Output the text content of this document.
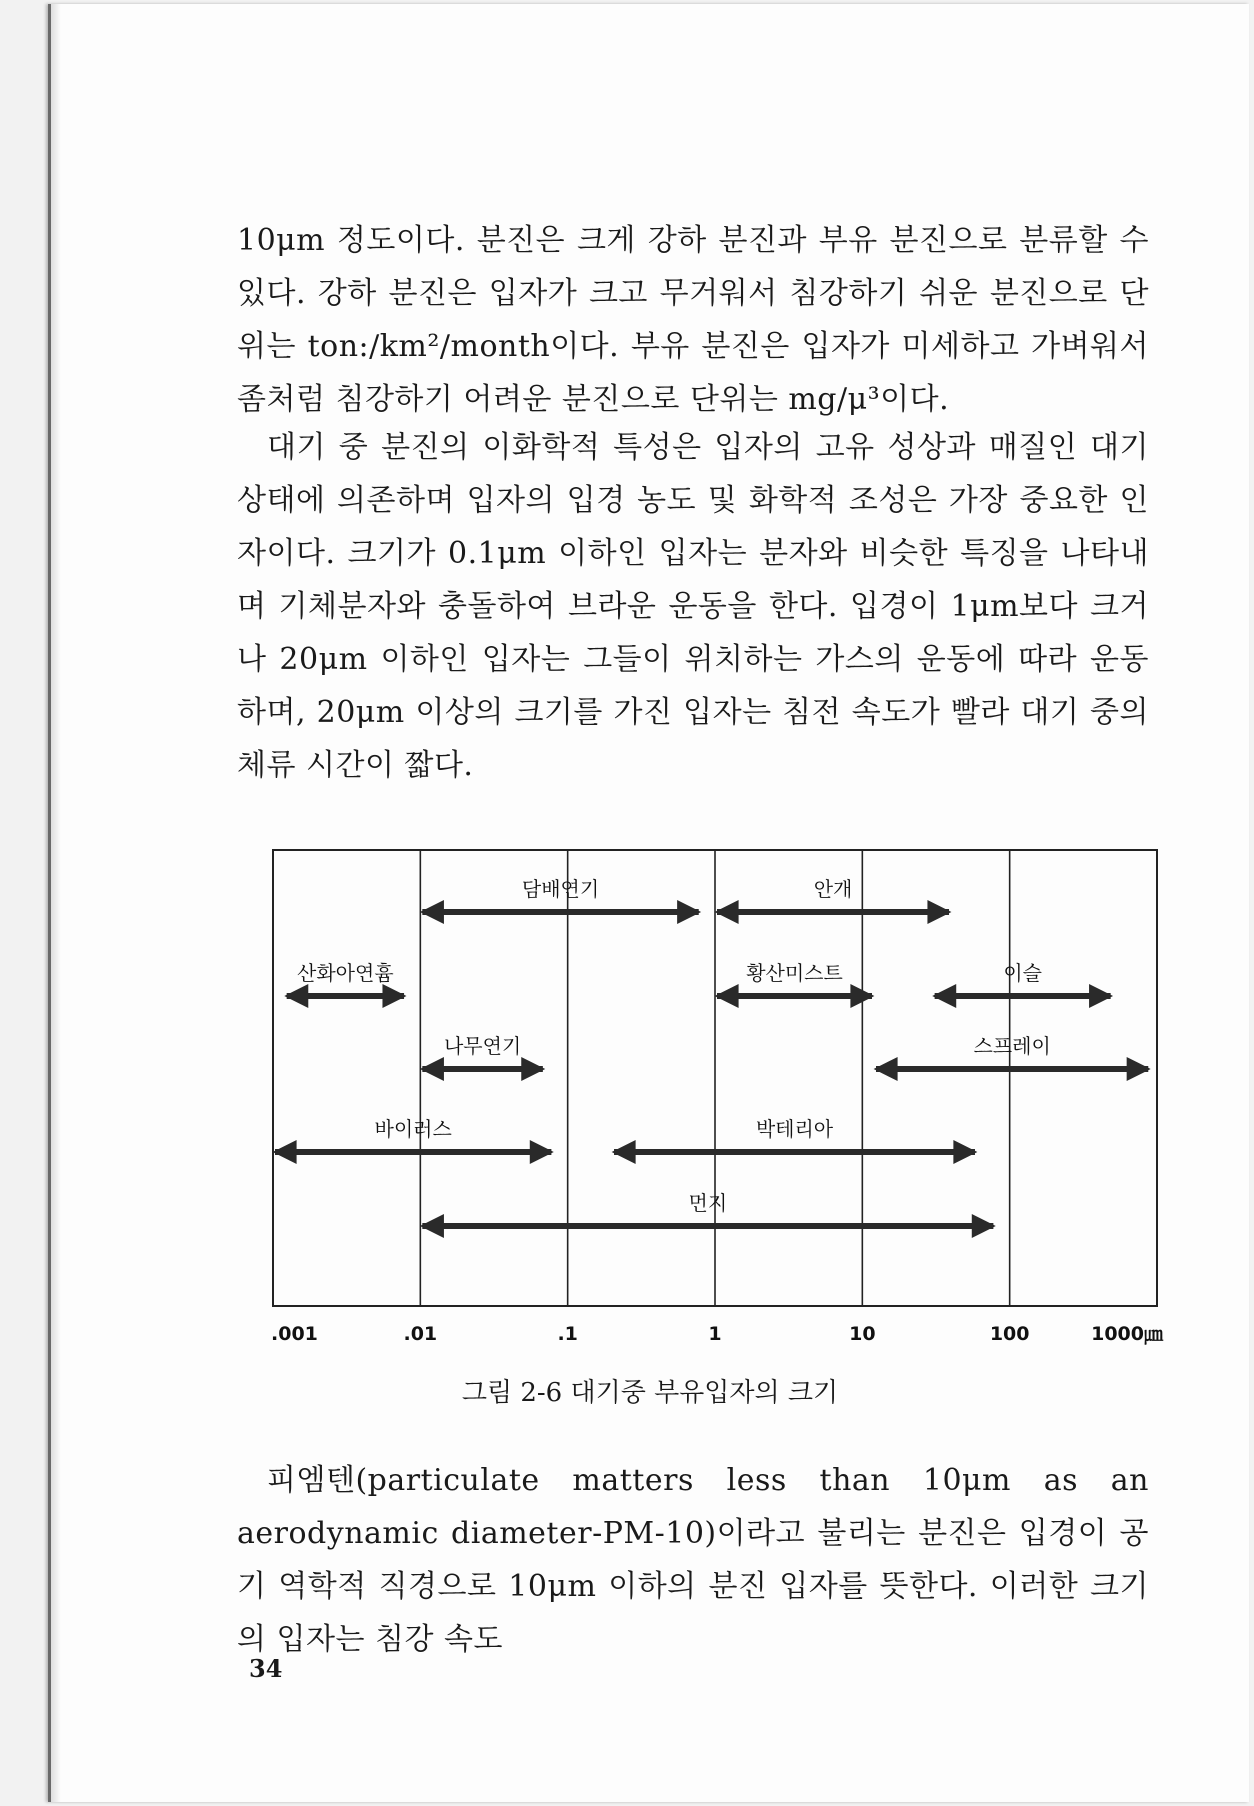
10μm 정도이다. 분진은 크게 강하 분진과 부유 분진으로 분류할 수 있다. 강하 분진은 입자가 크고 무거워서 침강하기 쉬운 분진으로 단위는 ton:/km²/month이다. 부유 분진은 입자가 미세하고 가벼워서 좀처럼 침강하기 어려운 분진으로 단위는 mg/μ³이다.

대기 중 분진의 이화학적 특성은 입자의 고유 성상과 매질인 대기 상태에 의존하며 입자의 입경 농도 및 화학적 조성은 가장 중요한 인자이다. 크기가 0.1μm 이하인 입자는 분자와 비슷한 특징을 나타내며 기체분자와 충돌하여 브라운 운동을 한다. 입경이 1μm보다 크거나 20μm 이하인 입자는 그들이 위치하는 가스의 운동에 따라 운동하며, 20μm 이상의 크기를 가진 입자는 침전 속도가 빨라 대기 중의 체류 시간이 짧다.

담배연기	안개
산화아연흄	황산미스트	이슬
나무연기	스프레이
바이러스	박테리아
먼지
.001	.01	.1	1	10	100	1000㎛
그림 2-6 대기중 부유입자의 크기

피엠텐(particulate matters less than 10μm as an aerodynamic diameter-PM-10)이라고 불리는 분진은 입경이 공기 역학적 직경으로 10μm 이하의 분진 입자를 뜻한다. 이러한 크기의 입자는 침강 속도

34
